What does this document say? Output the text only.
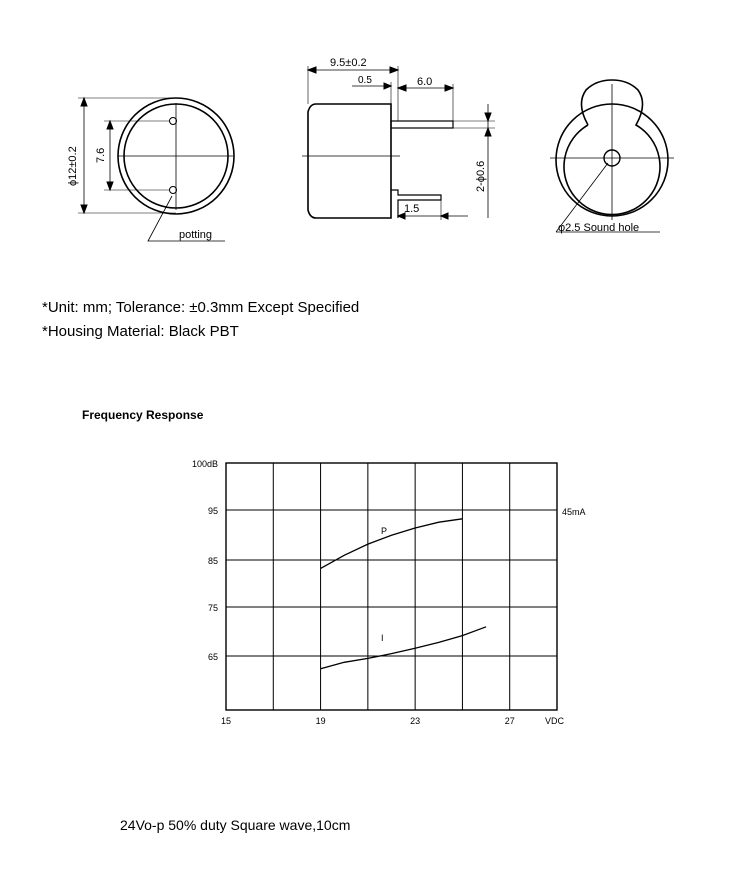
ϕ12±0.2 7.6
potting
9.5±0.2
0.5	6.0
2-ϕ0.6
1.5
φ2.5 Sound hole
*Unit: mm; Tolerance: ±0.3mm Except Specified
*Housing Material: Black PBT
Frequency Response
100dB
95
85
75
65
15	19	23	27	VDC
45mA
P
I
24Vo-p 50% duty Square wave,10cm
